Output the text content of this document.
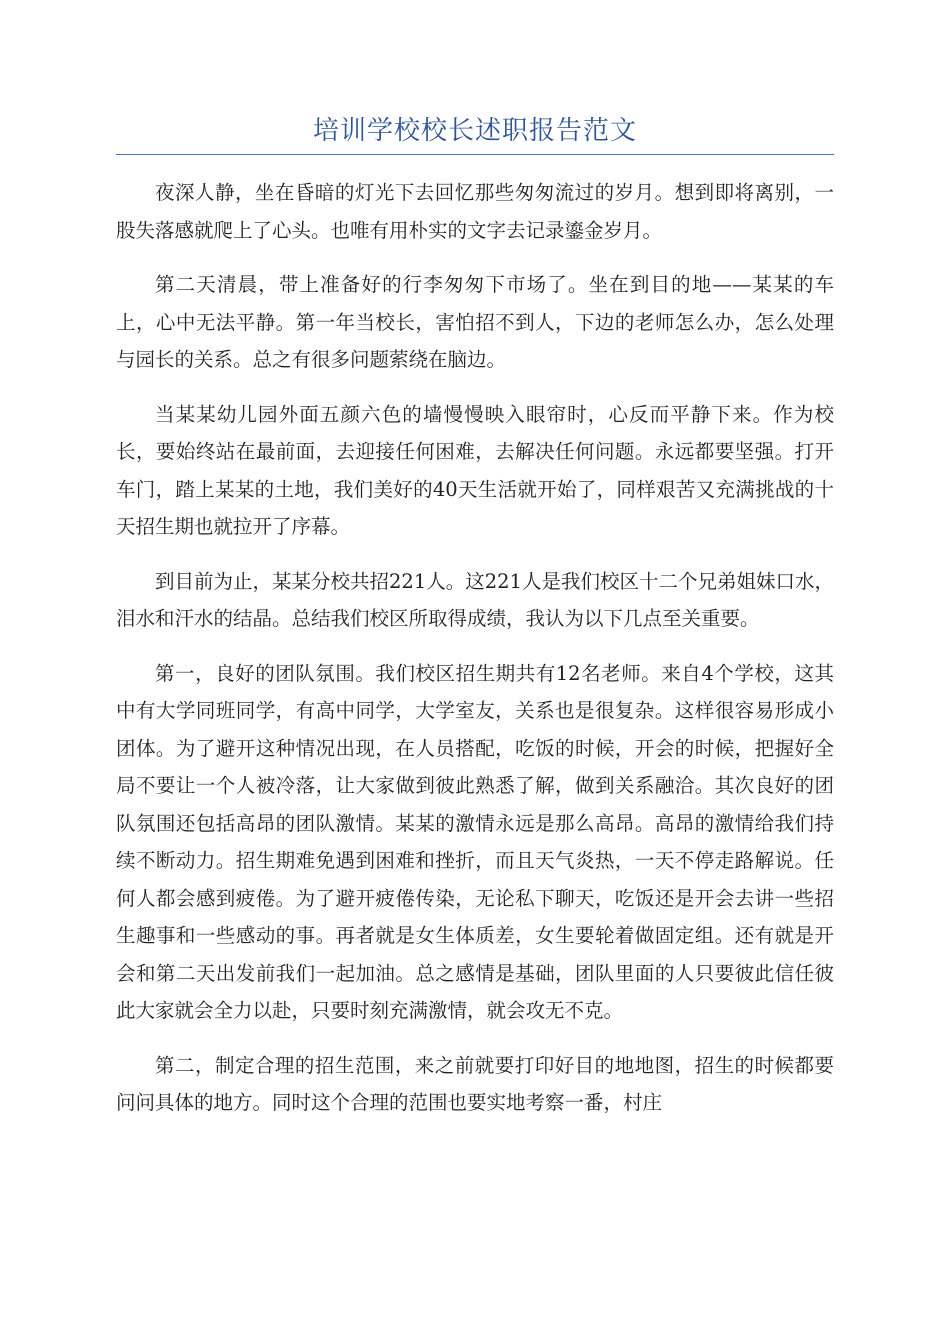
培训学校校长述职报告范文

夜深人静，坐在昏暗的灯光下去回忆那些匆匆流过的岁月。想到即将离别，一股失落感就爬上了心头。也唯有用朴实的文字去记录鎏金岁月。

第二天清晨，带上准备好的行李匆匆下市场了。坐在到目的地——某某的车上，心中无法平静。第一年当校长，害怕招不到人，下边的老师怎么办，怎么处理与园长的关系。总之有很多问题萦绕在脑边。

当某某幼儿园外面五颜六色的墙慢慢映入眼帘时，心反而平静下来。作为校长，要始终站在最前面，去迎接任何困难，去解决任何问题。永远都要坚强。打开车门，踏上某某的土地，我们美好的40天生活就开始了，同样艰苦又充满挑战的十天招生期也就拉开了序幕。

到目前为止，某某分校共招221人。这221人是我们校区十二个兄弟姐妹口水，泪水和汗水的结晶。总结我们校区所取得成绩，我认为以下几点至关重要。

第一，良好的团队氛围。我们校区招生期共有12名老师。来自4个学校，这其中有大学同班同学，有高中同学，大学室友，关系也是很复杂。这样很容易形成小团体。为了避开这种情况出现，在人员搭配，吃饭的时候，开会的时候，把握好全局不要让一个人被冷落，让大家做到彼此熟悉了解，做到关系融洽。其次良好的团队氛围还包括高昂的团队激情。某某的激情永远是那么高昂。高昂的激情给我们持续不断动力。招生期难免遇到困难和挫折，而且天气炎热，一天不停走路解说。任何人都会感到疲倦。为了避开疲倦传染，无论私下聊天，吃饭还是开会去讲一些招生趣事和一些感动的事。再者就是女生体质差，女生要轮着做固定组。还有就是开会和第二天出发前我们一起加油。总之感情是基础，团队里面的人只要彼此信任彼此大家就会全力以赴，只要时刻充满激情，就会攻无不克。

第二，制定合理的招生范围，来之前就要打印好目的地地图，招生的时候都要问问具体的地方。同时这个合理的范围也要实地考察一番，村庄
